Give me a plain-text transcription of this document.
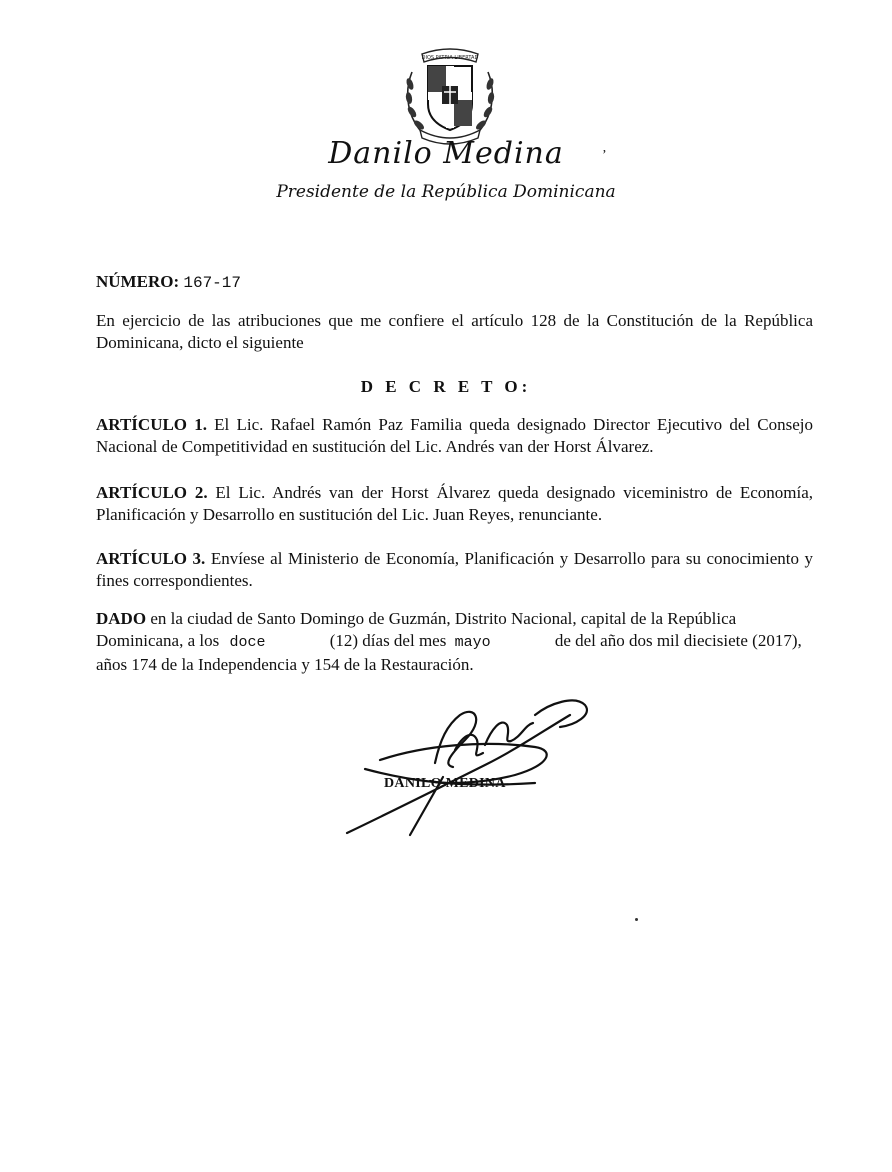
DIOS PATRIA LIBERTAD
Danilo Medina	’
Presidente de la República Dominicana
NÚMERO: 167-17
En ejercicio de las atribuciones que me confiere el artículo 128 de la Constitución de la República Dominicana, dicto el siguiente
D E C R E T O:
ARTÍCULO 1. El Lic. Rafael Ramón Paz Familia queda designado Director Ejecutivo del Consejo Nacional de Competitividad en sustitución del Lic. Andrés van der Horst Álvarez.
ARTÍCULO 2. El Lic. Andrés van der Horst Álvarez queda designado viceministro de Economía, Planificación y Desarrollo en sustitución del Lic. Juan Reyes, renunciante.
ARTÍCULO 3. Envíese al Ministerio de Economía, Planificación y Desarrollo para su conocimiento y fines correspondientes.
DADO en la ciudad de Santo Domingo de Guzmán, Distrito Nacional, capital de la República Dominicana, a los doce	(12) días del mes mayo	de del año dos mil diecisiete (2017), años 174 de la Independencia y 154 de la Restauración.
DANILO MEDINA
